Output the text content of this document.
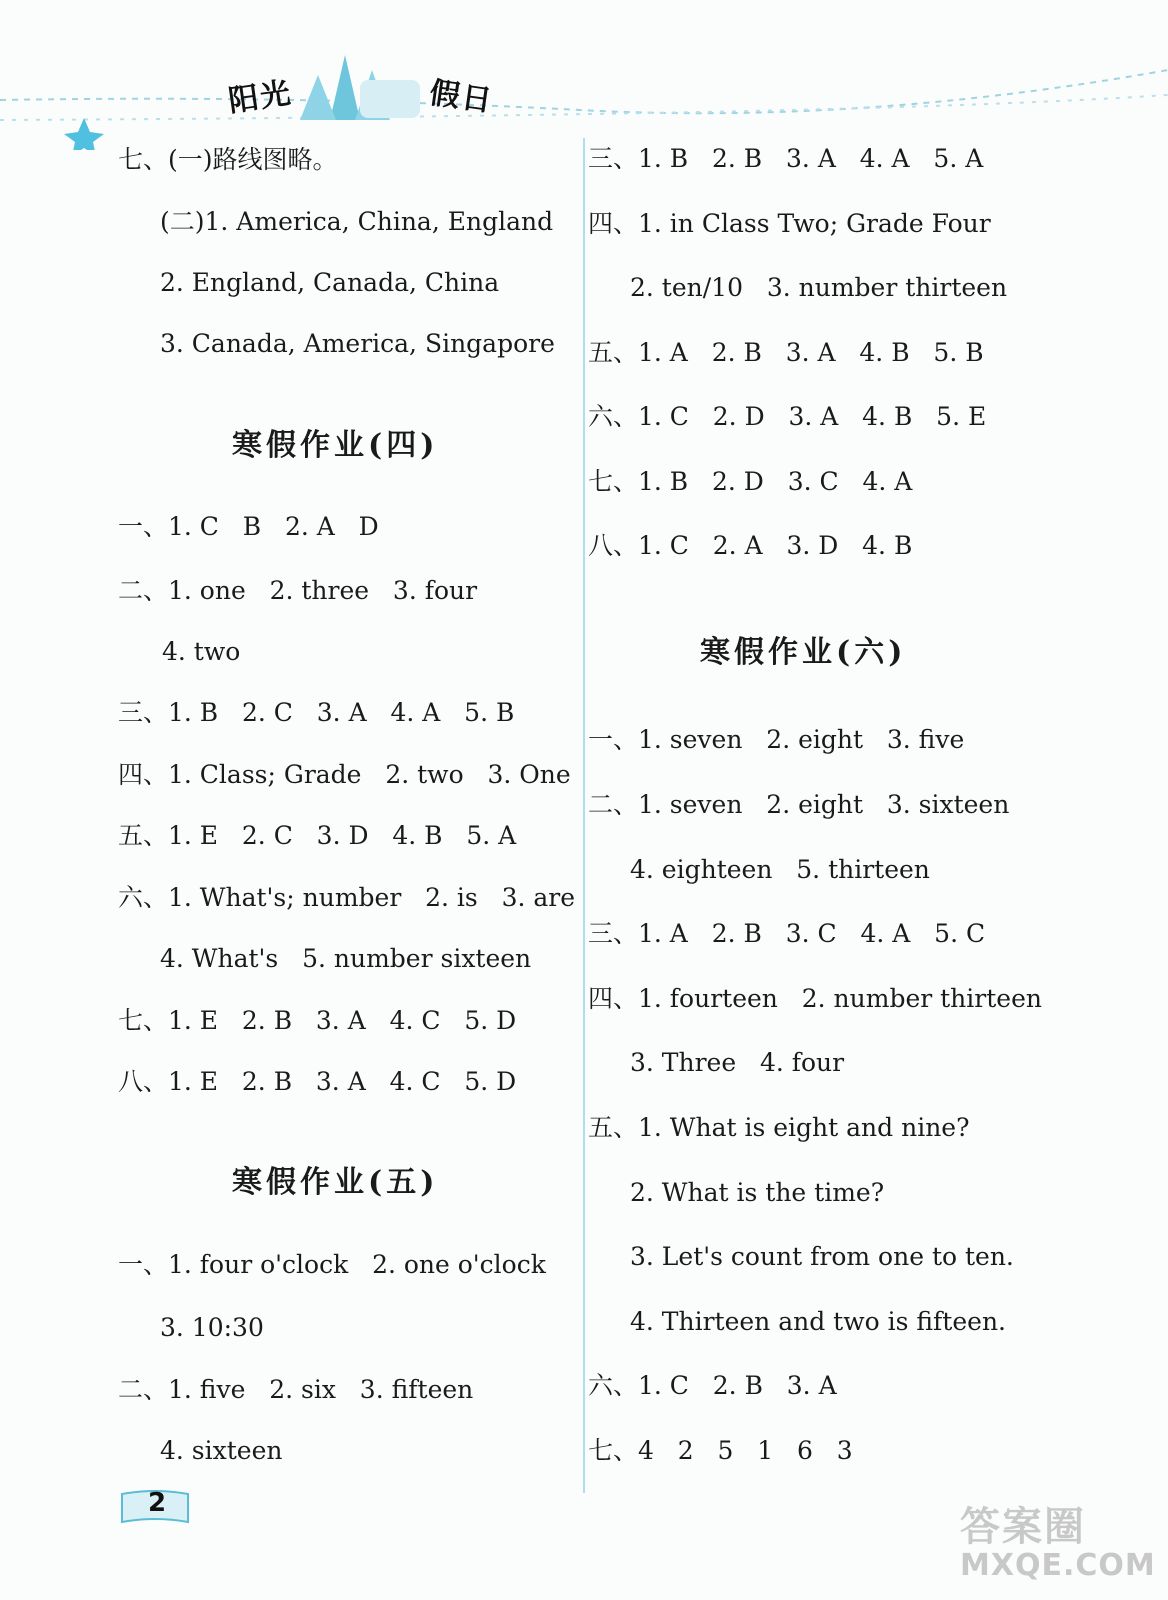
阳光	假日
七、(一)路线图略。
(二)1. America, China, England
2. England, Canada, China
3. Canada, America, Singapore
寒假作业(四)
一、1. C   B   2. A   D
二、1. one   2. three   3. four
4. two
三、1. B   2. C   3. A   4. A   5. B
四、1. Class; Grade   2. two   3. One
五、1. E   2. C   3. D   4. B   5. A
六、1. What's; number   2. is   3. are
4. What's   5. number sixteen
七、1. E   2. B   3. A   4. C   5. D
八、1. E   2. B   3. A   4. C   5. D
寒假作业(五)
一、1. four o'clock   2. one o'clock
3. 10:30
二、1. five   2. six   3. fifteen
4. sixteen
三、1. B   2. B   3. A   4. A   5. A
四、1. in Class Two; Grade Four
2. ten/10   3. number thirteen
五、1. A   2. B   3. A   4. B   5. B
六、1. C   2. D   3. A   4. B   5. E
七、1. B   2. D   3. C   4. A
八、1. C   2. A   3. D   4. B
寒假作业(六)
一、1. seven   2. eight   3. five
二、1. seven   2. eight   3. sixteen
4. eighteen   5. thirteen
三、1. A   2. B   3. C   4. A   5. C
四、1. fourteen   2. number thirteen
3. Three   4. four
五、1. What is eight and nine?
2. What is the time?
3. Let's count from one to ten.
4. Thirteen and two is fifteen.
六、1. C   2. B   3. A
七、4   2   5   1   6   3
2
答案圈
MXQE.COM
